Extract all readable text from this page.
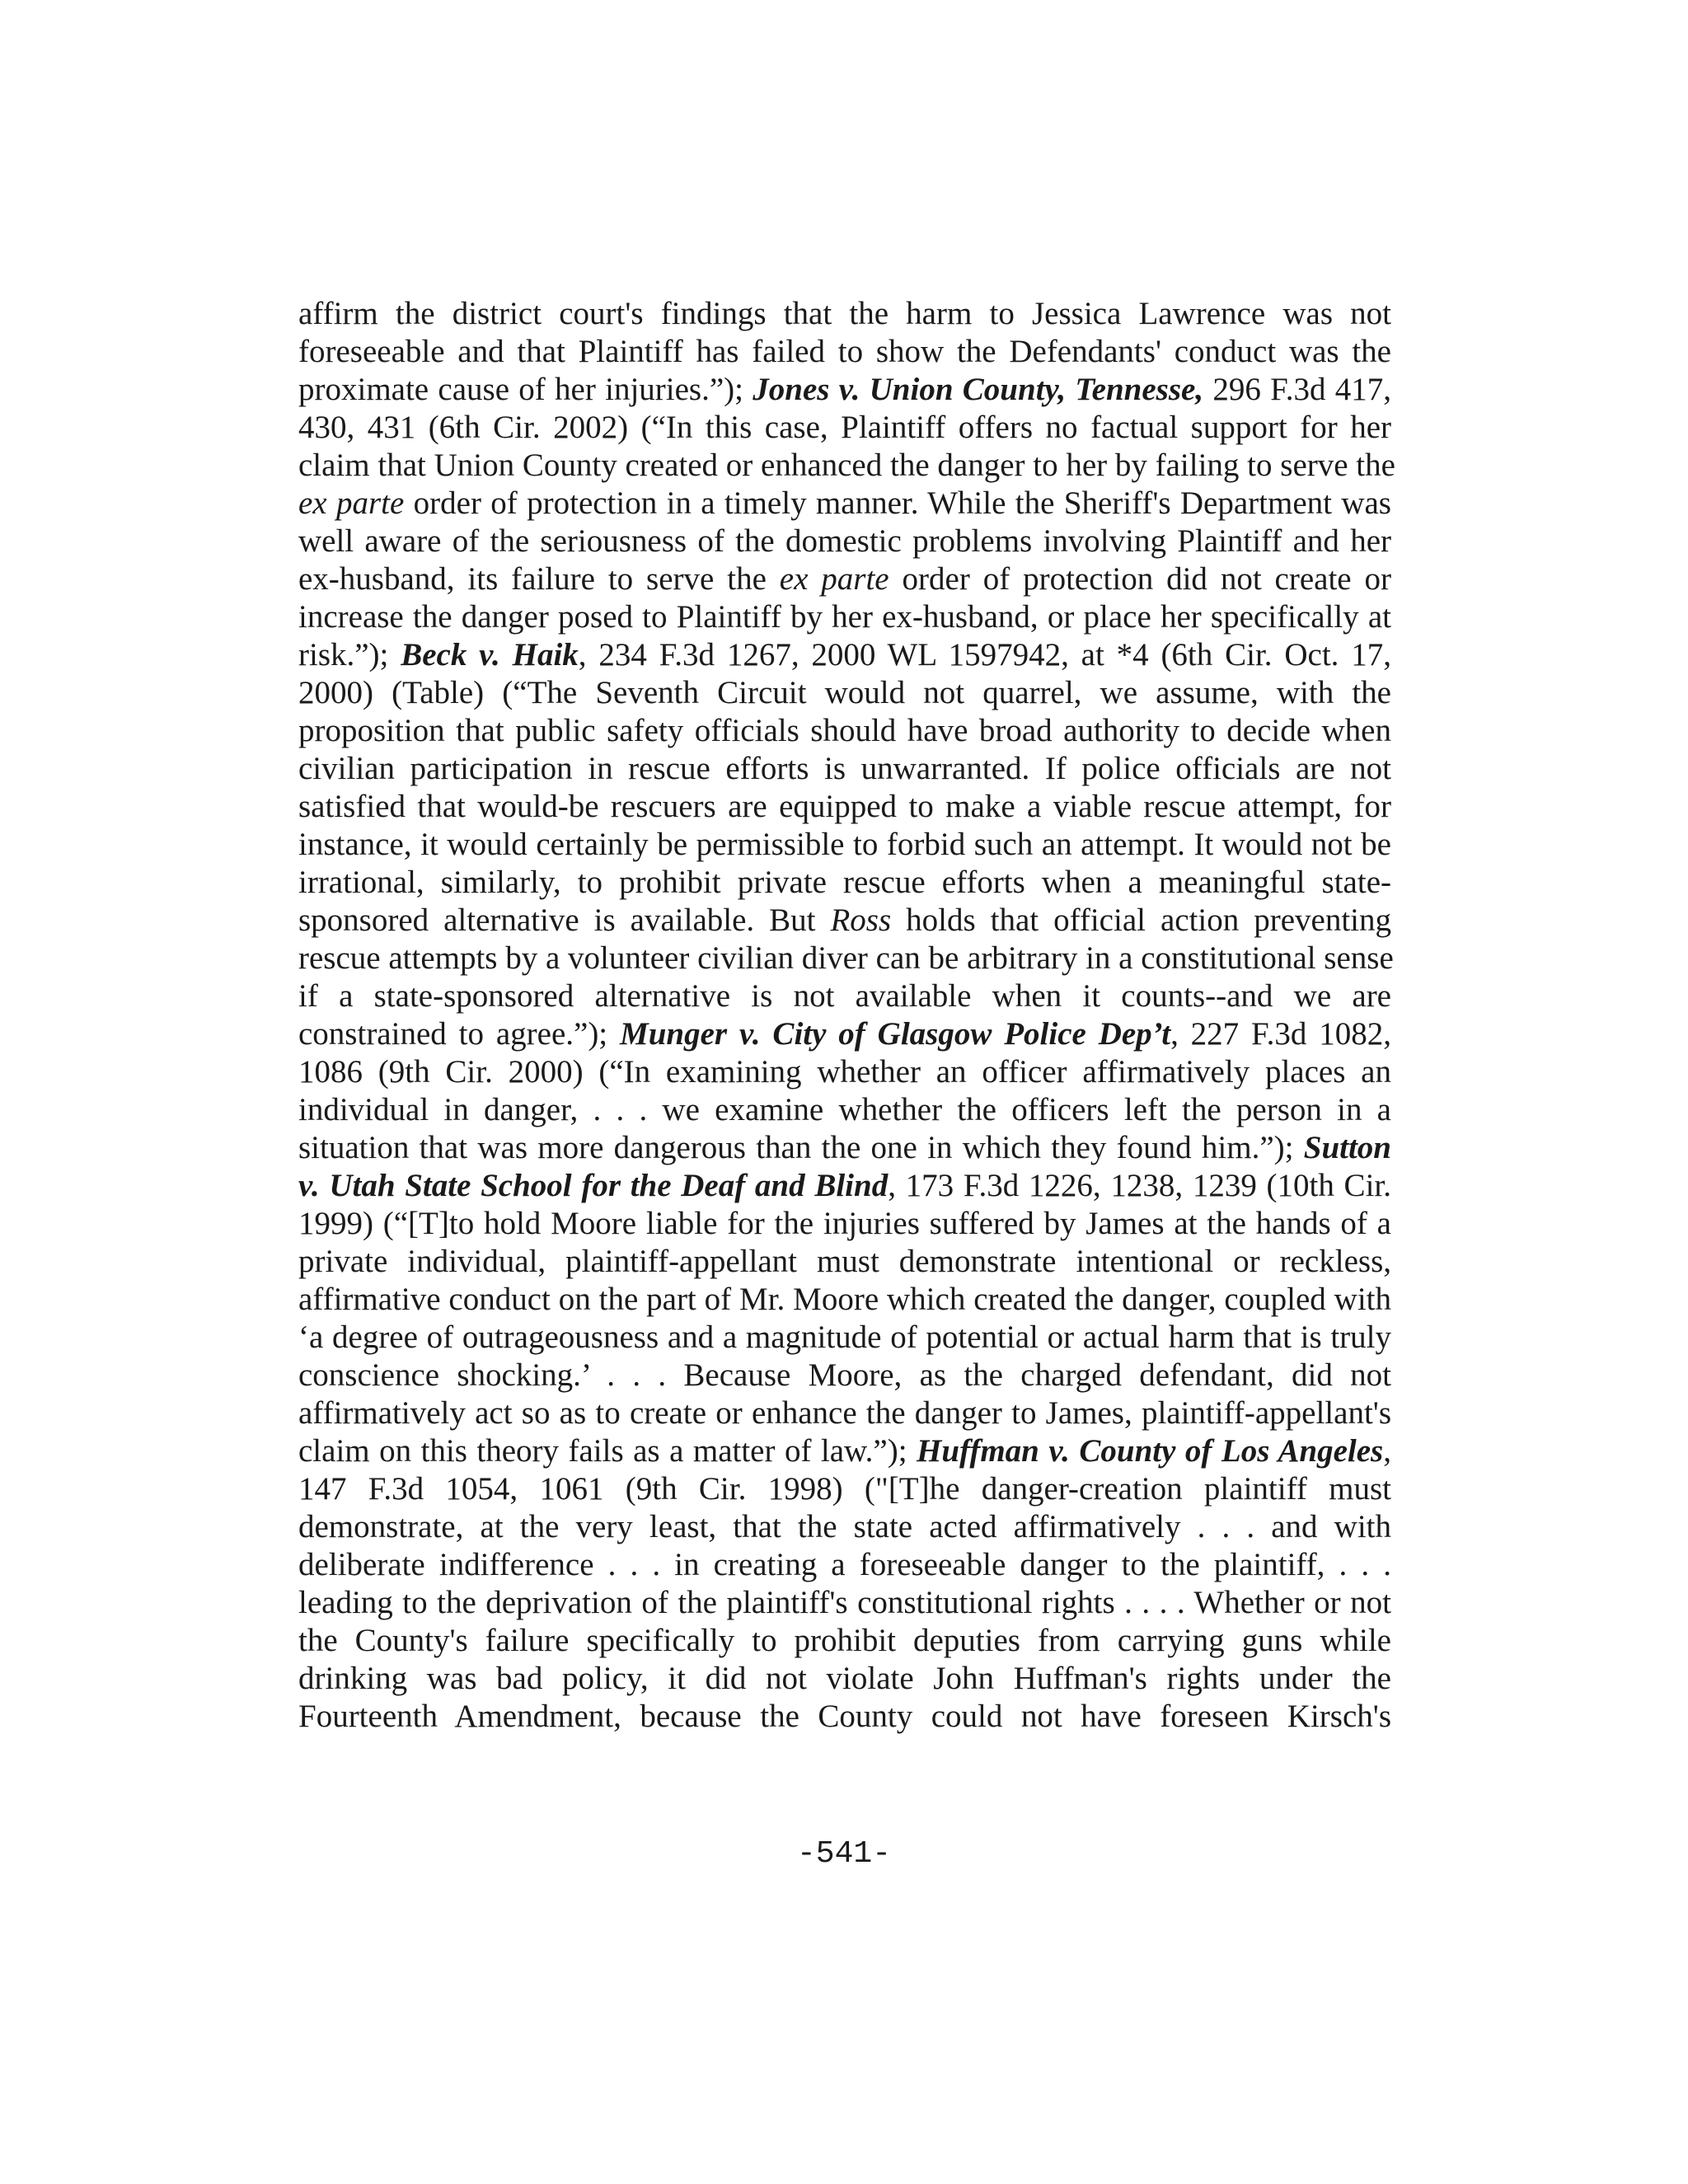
affirm the district court's findings that the harm to Jessica Lawrence was not
foreseeable and that Plaintiff has failed to show the Defendants' conduct was the
proximate cause of her injuries.”); Jones v. Union County, Tennesse, 296 F.3d 417,
430, 431 (6th Cir. 2002) (“In this case, Plaintiff offers no factual support for her
claim that Union County created or enhanced the danger to her by failing to serve the
ex parte order of protection in a timely manner. While the Sheriff's Department was
well aware of the seriousness of the domestic problems involving Plaintiff and her
ex-husband, its failure to serve the ex parte order of protection did not create or
increase the danger posed to Plaintiff by her ex-husband, or place her specifically at
risk.”); Beck v. Haik, 234 F.3d 1267, 2000 WL 1597942, at *4 (6th Cir. Oct. 17,
2000) (Table) (“The Seventh Circuit would not quarrel, we assume, with the
proposition that public safety officials should have broad authority to decide when
civilian participation in rescue efforts is unwarranted. If police officials are not
satisfied that would-be rescuers are equipped to make a viable rescue attempt, for
instance, it would certainly be permissible to forbid such an attempt. It would not be
irrational, similarly, to prohibit private rescue efforts when a meaningful state-
sponsored alternative is available. But Ross holds that official action preventing
rescue attempts by a volunteer civilian diver can be arbitrary in a constitutional sense
if a state-sponsored alternative is not available when it counts--and we are
constrained to agree.”); Munger v. City of Glasgow Police Dep’t, 227 F.3d 1082,
1086 (9th Cir. 2000) (“In examining whether an officer affirmatively places an
individual in danger, . . . we examine whether the officers left the person in a
situation that was more dangerous than the one in which they found him.”); Sutton
v. Utah State School for the Deaf and Blind, 173 F.3d 1226, 1238, 1239 (10th Cir.
1999) (“[T]to hold Moore liable for the injuries suffered by James at the hands of a
private individual, plaintiff-appellant must demonstrate intentional or reckless,
affirmative conduct on the part of Mr. Moore which created the danger, coupled with
‘a degree of outrageousness and a magnitude of potential or actual harm that is truly
conscience shocking.’ . . . Because Moore, as the charged defendant, did not
affirmatively act so as to create or enhance the danger to James, plaintiff-appellant's
claim on this theory fails as a matter of law.”); Huffman v. County of Los Angeles,
147 F.3d 1054, 1061 (9th Cir. 1998) ("[T]he danger-creation plaintiff must
demonstrate, at the very least, that the state acted affirmatively . . . and with
deliberate indifference . . . in creating a foreseeable danger to the plaintiff, . . .
leading to the deprivation of the plaintiff's constitutional rights . . . . Whether or not
the County's failure specifically to prohibit deputies from carrying guns while
drinking was bad policy, it did not violate John Huffman's rights under the
Fourteenth Amendment, because the County could not have foreseen Kirsch's
-541-
